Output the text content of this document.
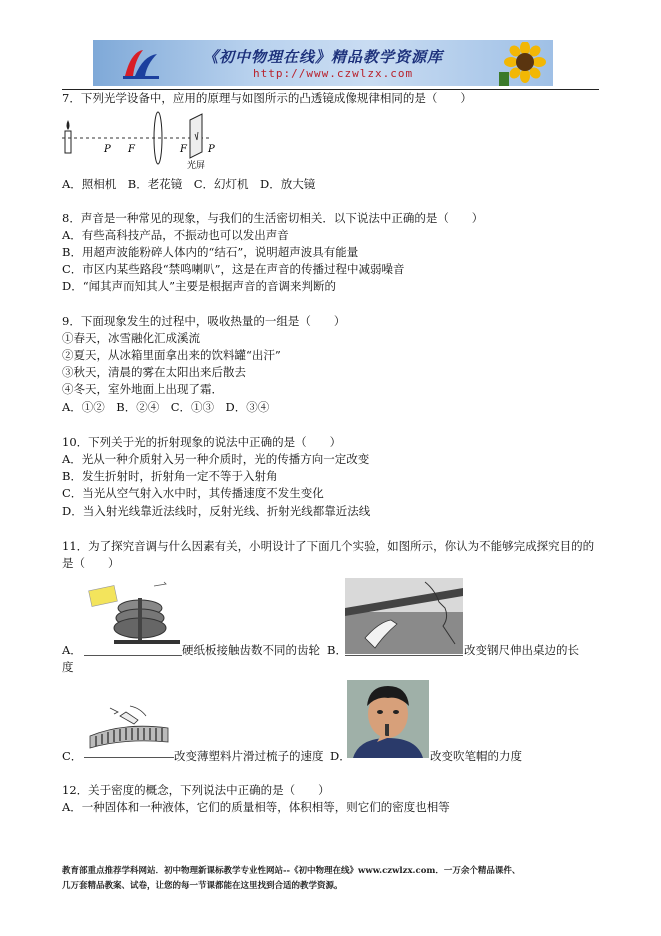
《初中物理在线》精品教学资源库
http://www.czwlzx.com
7．下列光学设备中，应用的原理与如图所示的凸透镜成像规律相同的是（　　）
P F	F P
光屏
A．照相机　B．老花镜　C．幻灯机　D．放大镜
8．声音是一种常见的现象，与我们的生活密切相关．以下说法中正确的是（　　）
A．有些高科技产品，不振动也可以发出声音
B．用超声波能粉碎人体内的“结石”，说明超声波具有能量
C．市区内某些路段“禁鸣喇叭”，这是在声音的传播过程中减弱噪音
D．“闻其声而知其人”主要是根据声音的音调来判断的
9．下面现象发生的过程中，吸收热量的一组是（　　）
①春天，冰雪融化汇成溪流
②夏天，从冰箱里面拿出来的饮料罐“出汗”
③秋天，清晨的雾在太阳出来后散去
④冬天，室外地面上出现了霜．
A．①②　B．②④　C．①③　D．③④
10．下列关于光的折射现象的说法中正确的是（　　）
A．光从一种介质射入另一种介质时，光的传播方向一定改变
B．发生折射时，折射角一定不等于入射角
C．当光从空气射入水中时，其传播速度不发生变化
D．当入射光线靠近法线时，反射光线、折射光线都靠近法线
11．为了探究音调与什么因素有关，小明设计了下面几个实验，如图所示，你认为不能够完成探究目的的
是（　　）
A．	硬纸板接触齿数不同的齿轮 B．	改变钢尺伸出桌边的长
度
C．	改变薄塑料片滑过梳子的速度 D．	改变吹笔帽的力度
12．关于密度的概念，下列说法中正确的是（　　）
A．一种固体和一种液体，它们的质量相等，体积相等，则它们的密度也相等
教育部重点推荐学科网站．初中物理新课标教学专业性网站--《初中物理在线》www.czwlzx.com．一万余个精品课件、
几万套精品教案、试卷，让您的每一节课都能在这里找到合适的教学资源。
